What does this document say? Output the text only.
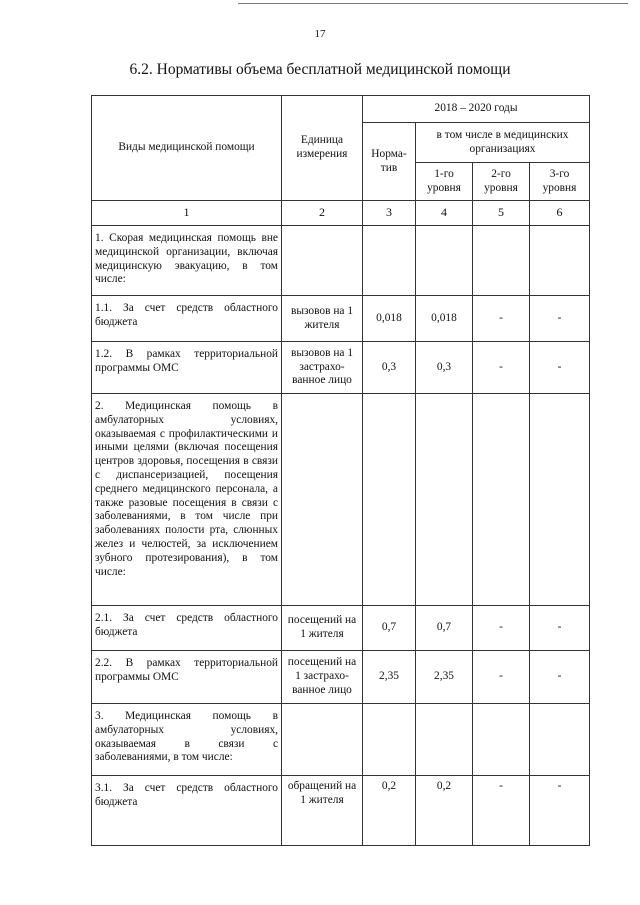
17
6.2. Нормативы объема бесплатной медицинской помощи
Виды медицинской помощи	Единица измерения	2018 – 2020 годы			
		Норма-тив	в том числе в медицинских организациях		
			1-го уровня	2-го уровня	3-го уровня
1	2	3	4	5	6
1. Скорая медицинская помощь вне медицинской организации, включая медицинскую эвакуацию, в том числе:					
1.1. За счет средств областного бюджета	вызовов на 1 жителя	0,018	0,018	-	-
1.2. В рамках территориальной программы ОМС	вызовов на 1 застрахо-ванное лицо	0,3	0,3	-	-
2. Медицинская помощь в амбулаторных условиях, оказываемая с профилактическими и иными целями (включая посещения центров здоровья, посещения в связи с диспансеризацией, посещения среднего медицинского персонала, а также разовые посещения в связи с заболеваниями, в том числе при заболеваниях полости рта, слюнных желез и челюстей, за исключением зубного протезирования), в том числе:					
2.1. За счет средств областного бюджета	посещений на 1 жителя	0,7	0,7	-	-
2.2. В рамках территориальной программы ОМС	посещений на 1 застрахо-ванное лицо	2,35	2,35	-	-
3. Медицинская помощь в амбулаторных условиях, оказываемая в связи с заболеваниями, в том числе:					
3.1. За счет средств областного бюджета	обращений на 1 жителя	0,2	0,2	-	-
